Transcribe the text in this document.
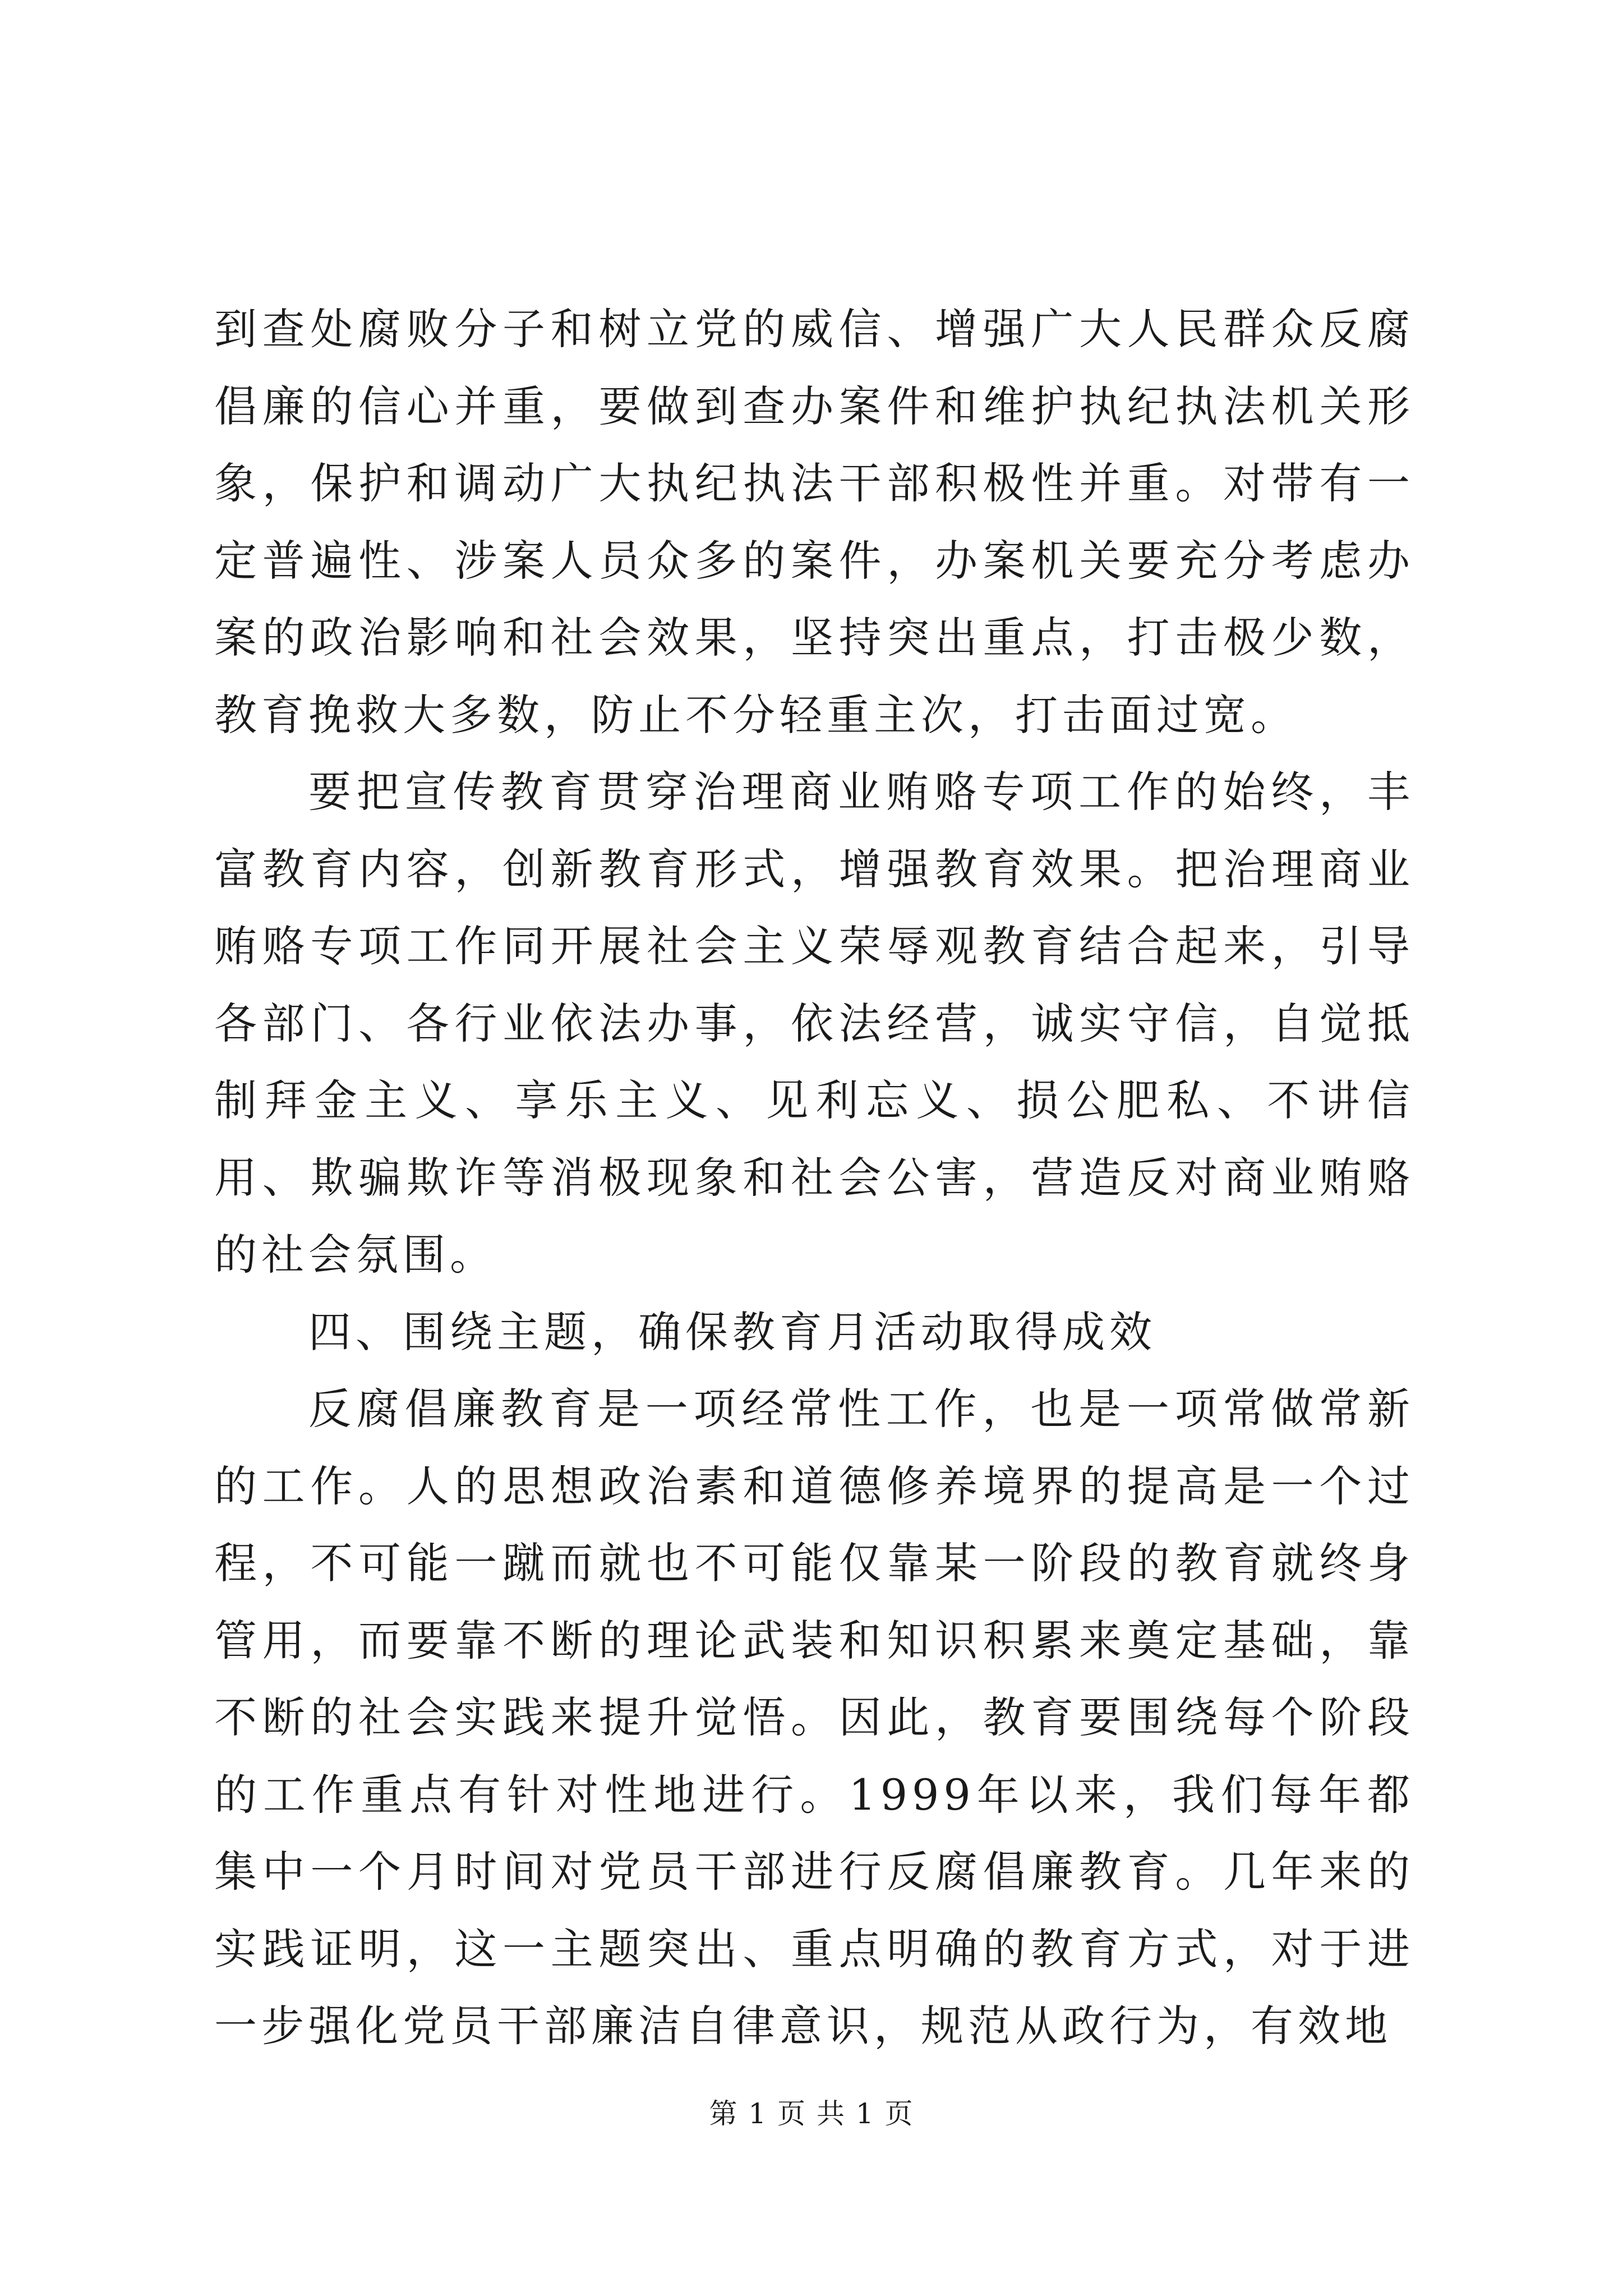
到查处腐败分子和树立党的威信、增强广大人民群众反腐倡廉的信心并重，要做到查办案件和维护执纪执法机关形象，保护和调动广大执纪执法干部积极性并重。对带有一定普遍性、涉案人员众多的案件，办案机关要充分考虑办案的政治影响和社会效果，坚持突出重点，打击极少数，教育挽救大多数，防止不分轻重主次，打击面过宽。

要把宣传教育贯穿治理商业贿赂专项工作的始终，丰富教育内容，创新教育形式，增强教育效果。把治理商业贿赂专项工作同开展社会主义荣辱观教育结合起来，引导各部门、各行业依法办事，依法经营，诚实守信，自觉抵制拜金主义、享乐主义、见利忘义、损公肥私、不讲信用、欺骗欺诈等消极现象和社会公害，营造反对商业贿赂的社会氛围。

四、围绕主题，确保教育月活动取得成效

反腐倡廉教育是一项经常性工作，也是一项常做常新的工作。人的思想政治素和道德修养境界的提高是一个过程，不可能一蹴而就也不可能仅靠某一阶段的教育就终身管用，而要靠不断的理论武装和知识积累来奠定基础，靠不断的社会实践来提升觉悟。因此，教育要围绕每个阶段的工作重点有针对性地进行。1999年以来，我们每年都集中一个月时间对党员干部进行反腐倡廉教育。几年来的实践证明，这一主题突出、重点明确的教育方式，对于进一步强化党员干部廉洁自律意识，规范从政行为，有效地

第 1 页 共 1 页
